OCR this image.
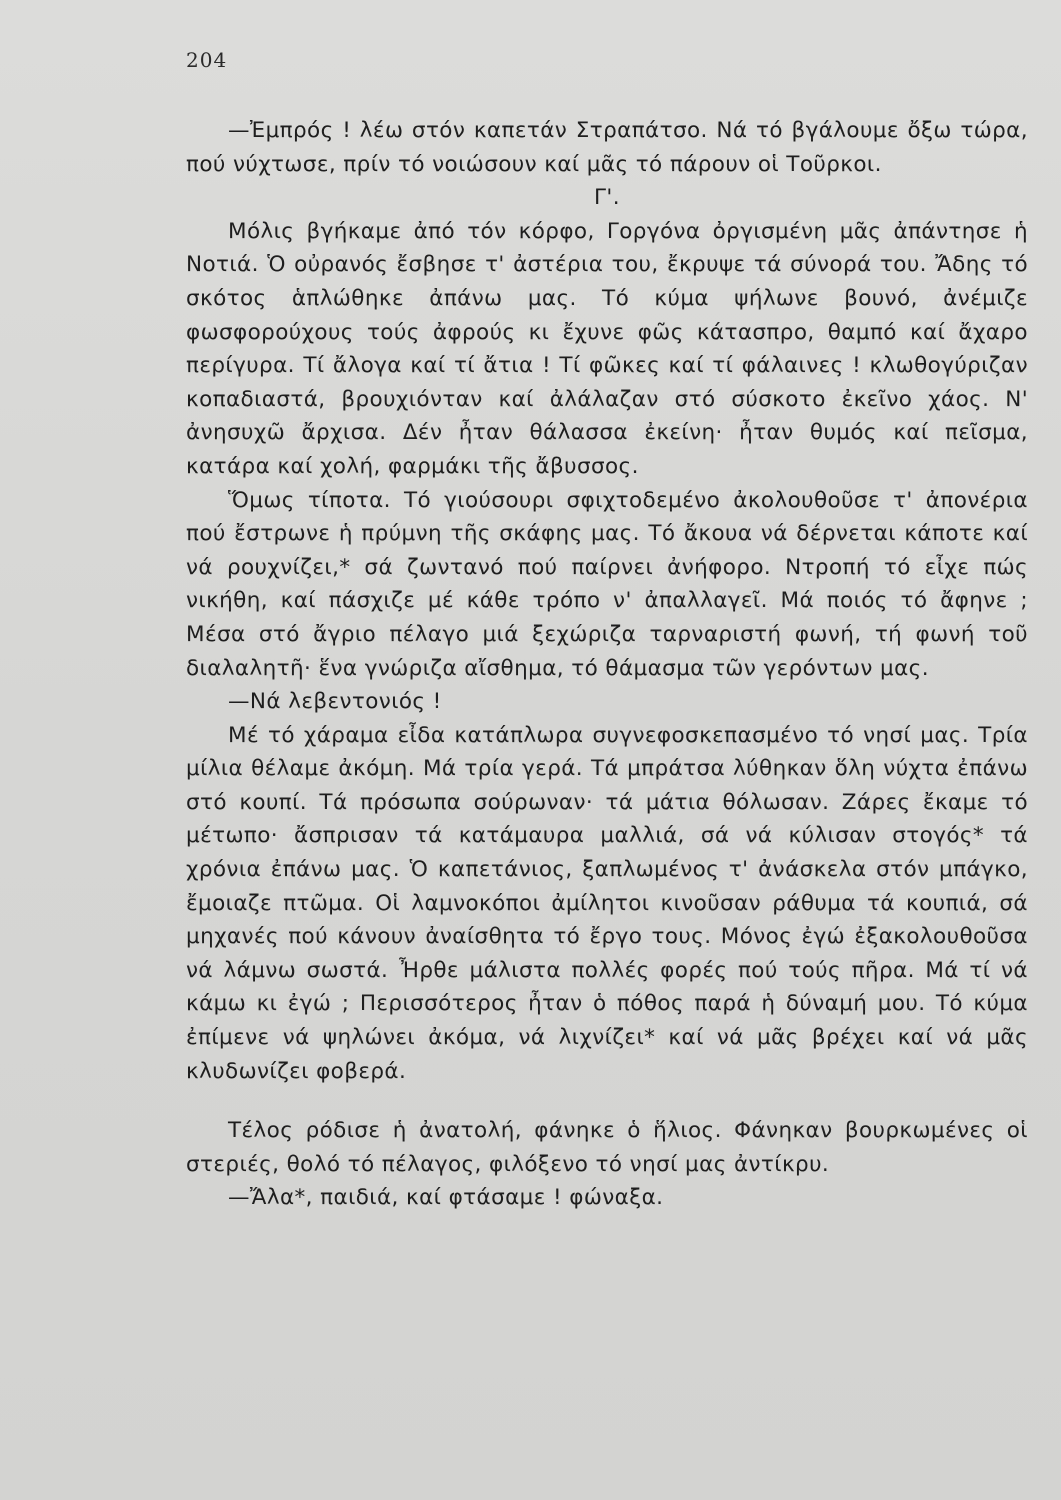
204

—Ἐμπρός ! λέω στόν καπετάν Στραπάτσο. Νά τό βγάλουμε ὄξω τώρα, πού νύχτωσε, πρίν τό νοιώσουν καί μᾶς τό πάρουν οἱ Τοῦρκοι.

Γ'.

Μόλις βγήκαμε ἀπό τόν κόρφο, Γοργόνα ὀργισμένη μᾶς ἀπάντησε ἡ Νοτιά. Ὁ οὐρανός ἔσβησε τ' ἀστέρια του, ἔκρυψε τά σύνορά του. Ἄδης τό σκότος ἁπλώθηκε ἀπάνω μας. Τό κύμα ψήλωνε βουνό, ἀνέμιζε φωσφορούχους τούς ἀφρούς κι ἔχυνε φῶς κάτασπρο, θαμπό καί ἄχαρο περίγυρα. Τί ἄλογα καί τί ἄτια ! Τί φῶκες καί τί φάλαινες ! κλωθογύριζαν κοπαδιαστά, βρουχιόνταν καί ἀλάλαζαν στό σύσκοτο ἐκεῖνο χάος. Ν' ἀνησυχῶ ἄρχισα. Δέν ἦταν θάλασσα ἐκείνη· ἦταν θυμός καί πεῖσμα, κατάρα καί χολή, φαρμάκι τῆς ἄβυσσος.

Ὅμως τίποτα. Τό γιούσουρι σφιχτοδεμένο ἀκολουθοῦσε τ' ἀπονέρια πού ἔστρωνε ἡ πρύμνη τῆς σκάφης μας. Τό ἄκουα νά δέρνεται κάποτε καί νά ρουχνίζει,* σά ζωντανό πού παίρνει ἀνήφορο. Ντροπή τό εἶχε πώς νικήθη, καί πάσχιζε μέ κάθε τρόπο ν' ἀπαλλαγεῖ. Μά ποιός τό ἄφηνε ; Μέσα στό ἄγριο πέλαγο μιά ξεχώριζα ταρναριστή φωνή, τή φωνή τοῦ διαλαλητῆ· ἕνα γνώριζα αἴσθημα, τό θάμασμα τῶν γερόντων μας.

—Νά λεβεντονιός !

Μέ τό χάραμα εἶδα κατάπλωρα συγνεφοσκεπασμένο τό νησί μας. Τρία μίλια θέλαμε ἀκόμη. Μά τρία γερά. Τά μπράτσα λύθηκαν ὅλη νύχτα ἐπάνω στό κουπί. Τά πρόσωπα σούρωναν· τά μάτια θόλωσαν. Ζάρες ἔκαμε τό μέτωπο· ἄσπρισαν τά κατάμαυρα μαλλιά, σά νά κύλισαν στογός* τά χρόνια ἐπάνω μας. Ὁ καπετάνιος, ξαπλωμένος τ' ἀνάσκελα στόν μπάγκο, ἔμοιαζε πτῶμα. Οἱ λαμνοκόποι ἀμίλητοι κινοῦσαν ράθυμα τά κουπιά, σά μηχανές πού κάνουν ἀναίσθητα τό ἔργο τους. Μόνος ἐγώ ἐξακολουθοῦσα νά λάμνω σωστά. Ἦρθε μάλιστα πολλές φορές πού τούς πῆρα. Μά τί νά κάμω κι ἐγώ ; Περισσότερος ἦταν ὁ πόθος παρά ἡ δύναμή μου. Τό κύμα ἐπίμενε νά ψηλώνει ἀκόμα, νά λιχνίζει* καί νά μᾶς βρέχει καί νά μᾶς κλυδωνίζει φοβερά.

Τέλος ρόδισε ἡ ἀνατολή, φάνηκε ὁ ἥλιος. Φάνηκαν βουρκωμένες οἱ στεριές, θολό τό πέλαγος, φιλόξενο τό νησί μας ἀντίκρυ.

—Ἄλα*, παιδιά, καί φτάσαμε ! φώναξα.
